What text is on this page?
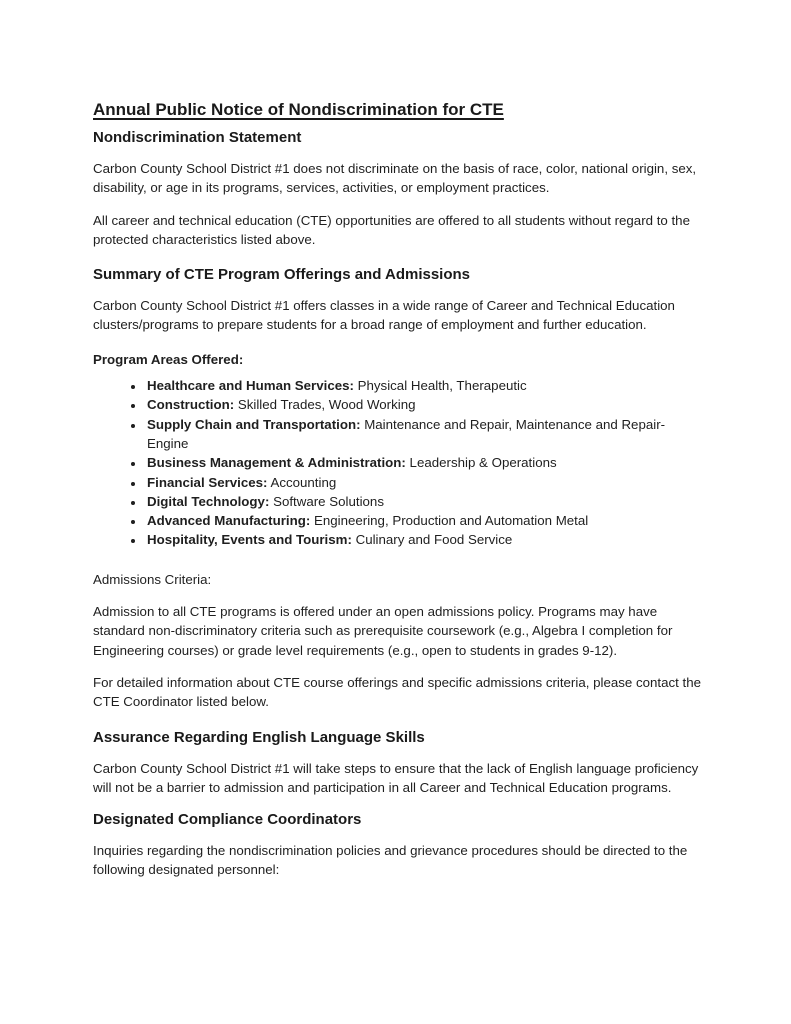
Annual Public Notice of Nondiscrimination for CTE
Nondiscrimination Statement

Carbon County School District #1 does not discriminate on the basis of race, color, national origin, sex, disability, or age in its programs, services, activities, or employment practices.

All career and technical education (CTE) opportunities are offered to all students without regard to the protected characteristics listed above.

Summary of CTE Program Offerings and Admissions

Carbon County School District #1 offers classes in a wide range of Career and Technical Education clusters/programs to prepare students for a broad range of employment and further education.

Program Areas Offered:

• Healthcare and Human Services: Physical Health, Therapeutic
• Construction: Skilled Trades, Wood Working
• Supply Chain and Transportation: Maintenance and Repair, Maintenance and Repair-Engine
• Business Management & Administration: Leadership & Operations
• Financial Services: Accounting
• Digital Technology: Software Solutions
• Advanced Manufacturing: Engineering, Production and Automation Metal
• Hospitality, Events and Tourism: Culinary and Food Service

Admissions Criteria:

Admission to all CTE programs is offered under an open admissions policy. Programs may have standard non-discriminatory criteria such as prerequisite coursework (e.g., Algebra I completion for Engineering courses) or grade level requirements (e.g., open to students in grades 9-12).

For detailed information about CTE course offerings and specific admissions criteria, please contact the CTE Coordinator listed below.

Assurance Regarding English Language Skills

Carbon County School District #1 will take steps to ensure that the lack of English language proficiency will not be a barrier to admission and participation in all Career and Technical Education programs.

Designated Compliance Coordinators

Inquiries regarding the nondiscrimination policies and grievance procedures should be directed to the following designated personnel:
